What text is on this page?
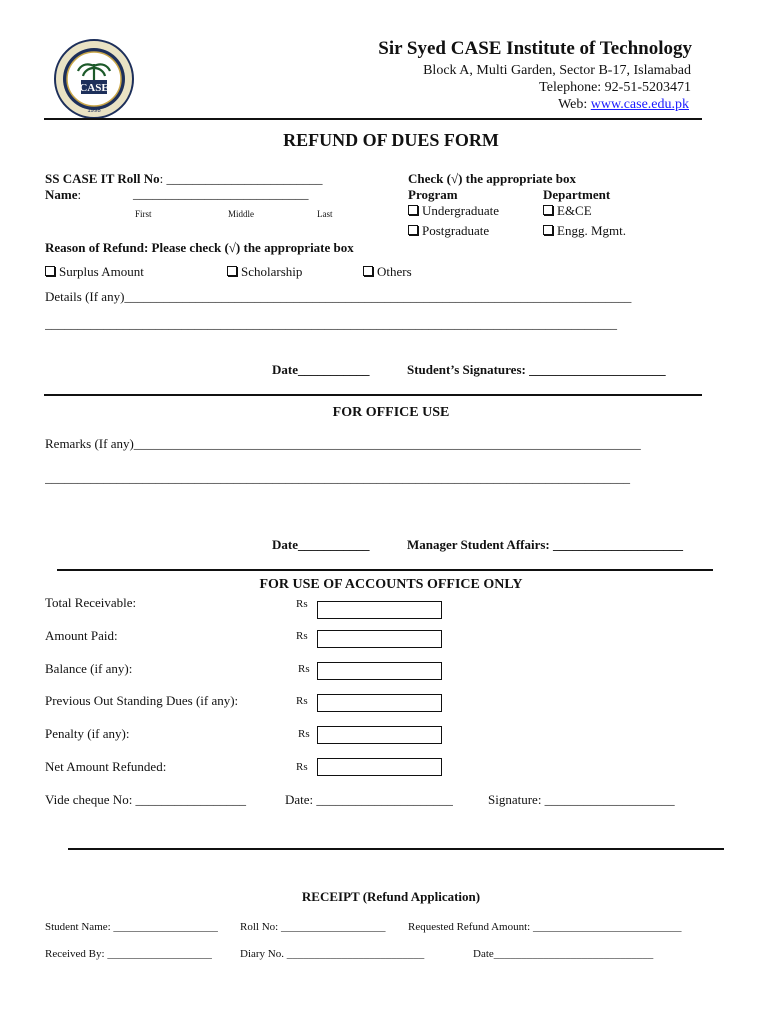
CASE
1998
Sir Syed CASE Institute of Technology
Block A, Multi Garden, Sector B-17, Islamabad
Telephone: 92-51-5203471
Web: www.case.edu.pk
REFUND OF DUES FORM
SS CASE IT Roll No: ________________________
Name:	___________________________
First	Middle	Last
Check (√) the appropriate box
Program	Department
Undergraduate	E&CE
Postgraduate	Engg. Mgmt.
Reason of Refund: Please check (√) the appropriate box
Surplus Amount	Scholarship	Others
Details (If any)______________________________________________________________________________
________________________________________________________________________________________
Date___________	Student’s Signatures: _____________________
FOR OFFICE USE
Remarks (If any)______________________________________________________________________________
__________________________________________________________________________________________
Date___________	Manager Student Affairs: ____________________
FOR USE OF ACCOUNTS OFFICE ONLY
Total Receivable:	Rs
Amount Paid:	Rs
Balance (if any):	Rs
Previous Out Standing Dues (if any):	Rs
Penalty (if any):	Rs
Net Amount Refunded:	Rs
Vide cheque No: _________________	Date: _____________________	Signature: ____________________
RECEIPT (Refund Application)
Student Name: ___________________ Roll No: ___________________ Requested Refund Amount: ___________________________
Received By: ___________________	Diary No. _________________________	Date_____________________________
